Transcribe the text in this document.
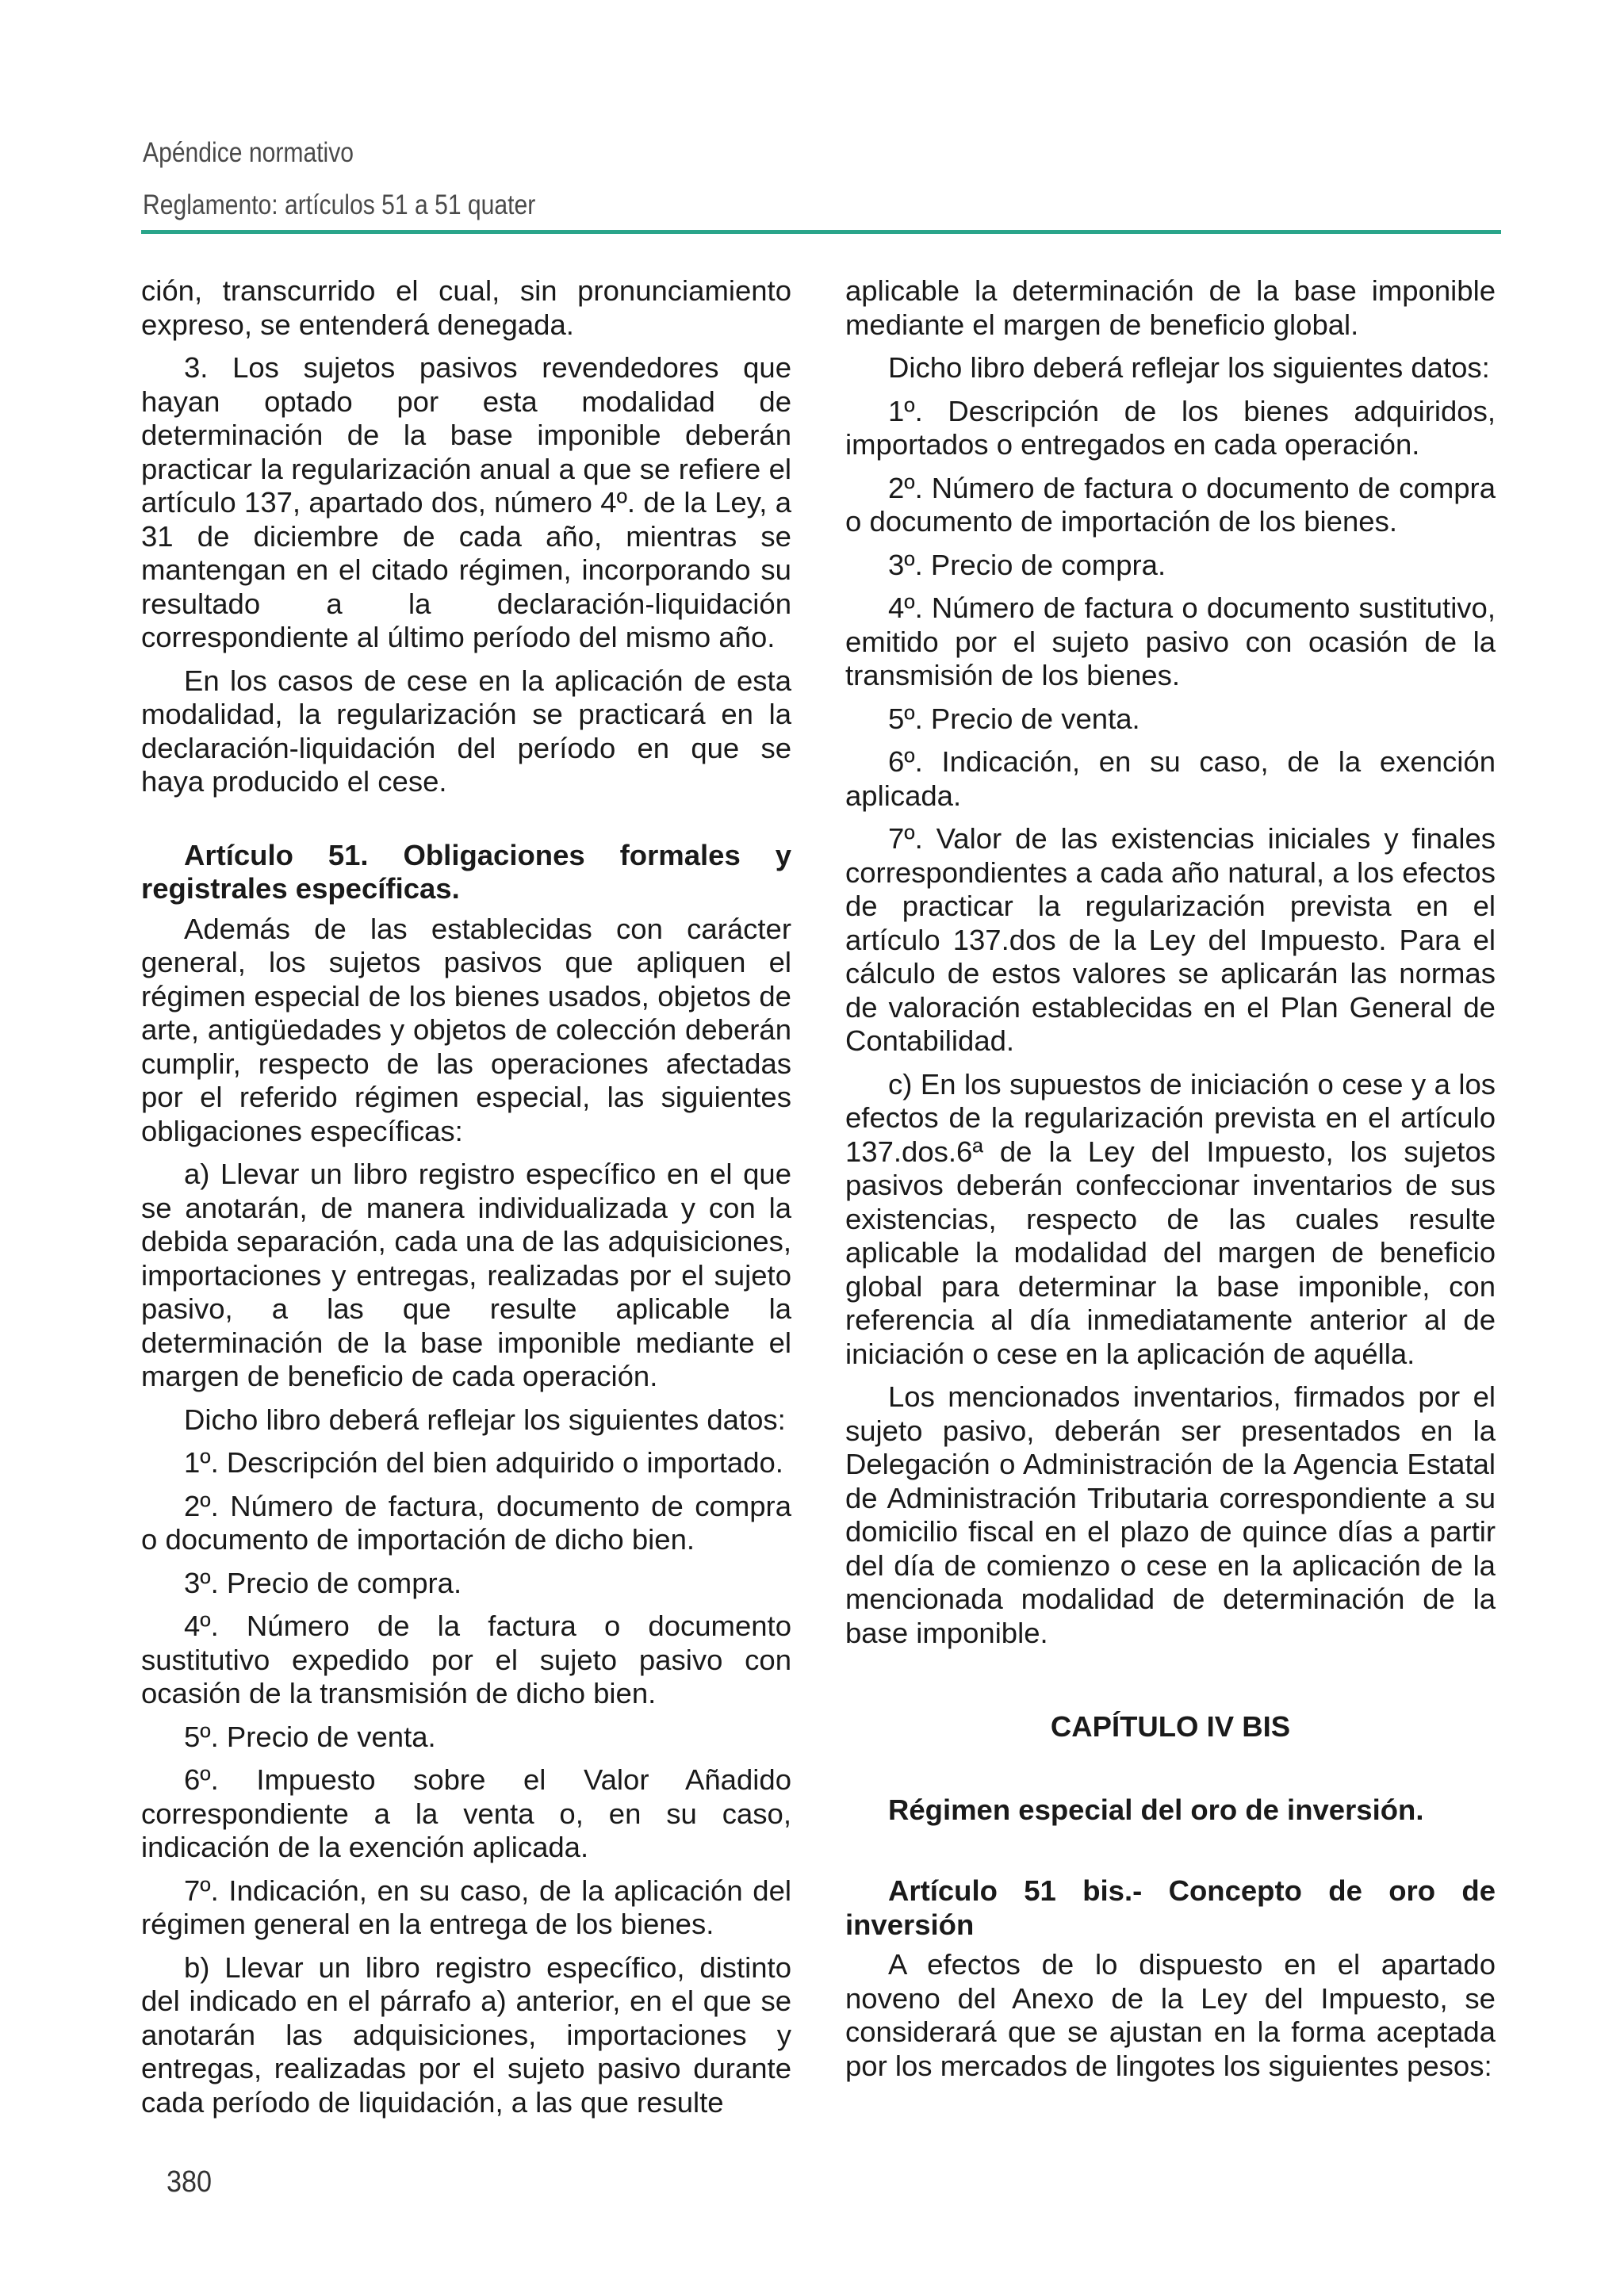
Apéndice normativo
Reglamento: artículos 51 a 51 quater

ción, transcurrido el cual, sin pronunciamiento expreso, se entenderá denegada.

3. Los sujetos pasivos revendedores que hayan optado por esta modalidad de determinación de la base imponible deberán practicar la regularización anual a que se refiere el artículo 137, apartado dos, número 4º. de la Ley, a 31 de diciembre de cada año, mientras se mantengan en el citado régimen, incorporando su resultado a la declaración-liquidación correspondiente al último período del mismo año.

En los casos de cese en la aplicación de esta modalidad, la regularización se practicará en la declaración-liquidación del período en que se haya producido el cese.

Artículo 51. Obligaciones formales y registrales específicas.

Además de las establecidas con carácter general, los sujetos pasivos que apliquen el régimen especial de los bienes usados, objetos de arte, antigüedades y objetos de colección deberán cumplir, respecto de las operaciones afectadas por el referido régimen especial, las siguientes obligaciones específicas:

a) Llevar un libro registro específico en el que se anotarán, de manera individualizada y con la debida separación, cada una de las adquisiciones, importaciones y entregas, realizadas por el sujeto pasivo, a las que resulte aplicable la determinación de la base imponible mediante el margen de beneficio de cada operación.

Dicho libro deberá reflejar los siguientes datos:

1º. Descripción del bien adquirido o importado.

2º. Número de factura, documento de compra o documento de importación de dicho bien.

3º. Precio de compra.

4º. Número de la factura o documento sustitutivo expedido por el sujeto pasivo con ocasión de la transmisión de dicho bien.

5º. Precio de venta.

6º. Impuesto sobre el Valor Añadido correspondiente a la venta o, en su caso, indicación de la exención aplicada.

7º. Indicación, en su caso, de la aplicación del régimen general en la entrega de los bienes.

b) Llevar un libro registro específico, distinto del indicado en el párrafo a) anterior, en el que se anotarán las adquisiciones, importaciones y entregas, realizadas por el sujeto pasivo durante cada período de liquidación, a las que resulte

aplicable la determinación de la base imponible mediante el margen de beneficio global.

Dicho libro deberá reflejar los siguientes datos:

1º. Descripción de los bienes adquiridos, importados o entregados en cada operación.

2º. Número de factura o documento de compra o documento de importación de los bienes.

3º. Precio de compra.

4º. Número de factura o documento sustitutivo, emitido por el sujeto pasivo con ocasión de la transmisión de los bienes.

5º. Precio de venta.

6º. Indicación, en su caso, de la exención aplicada.

7º. Valor de las existencias iniciales y finales correspondientes a cada año natural, a los efectos de practicar la regularización prevista en el artículo 137.dos de la Ley del Impuesto. Para el cálculo de estos valores se aplicarán las normas de valoración establecidas en el Plan General de Contabilidad.

c) En los supuestos de iniciación o cese y a los efectos de la regularización prevista en el artículo 137.dos.6ª de la Ley del Impuesto, los sujetos pasivos deberán confeccionar inventarios de sus existencias, respecto de las cuales resulte aplicable la modalidad del margen de beneficio global para determinar la base imponible, con referencia al día inmediatamente anterior al de iniciación o cese en la aplicación de aquélla.

Los mencionados inventarios, firmados por el sujeto pasivo, deberán ser presentados en la Delegación o Administración de la Agencia Estatal de Administración Tributaria correspondiente a su domicilio fiscal en el plazo de quince días a partir del día de comienzo o cese en la aplicación de la mencionada modalidad de determinación de la base imponible.

CAPÍTULO IV BIS
Régimen especial del oro de inversión.
Artículo 51 bis.- Concepto de oro de inversión

A efectos de lo dispuesto en el apartado noveno del Anexo de la Ley del Impuesto, se considerará que se ajustan en la forma aceptada por los mercados de lingotes los siguientes pesos:

380
